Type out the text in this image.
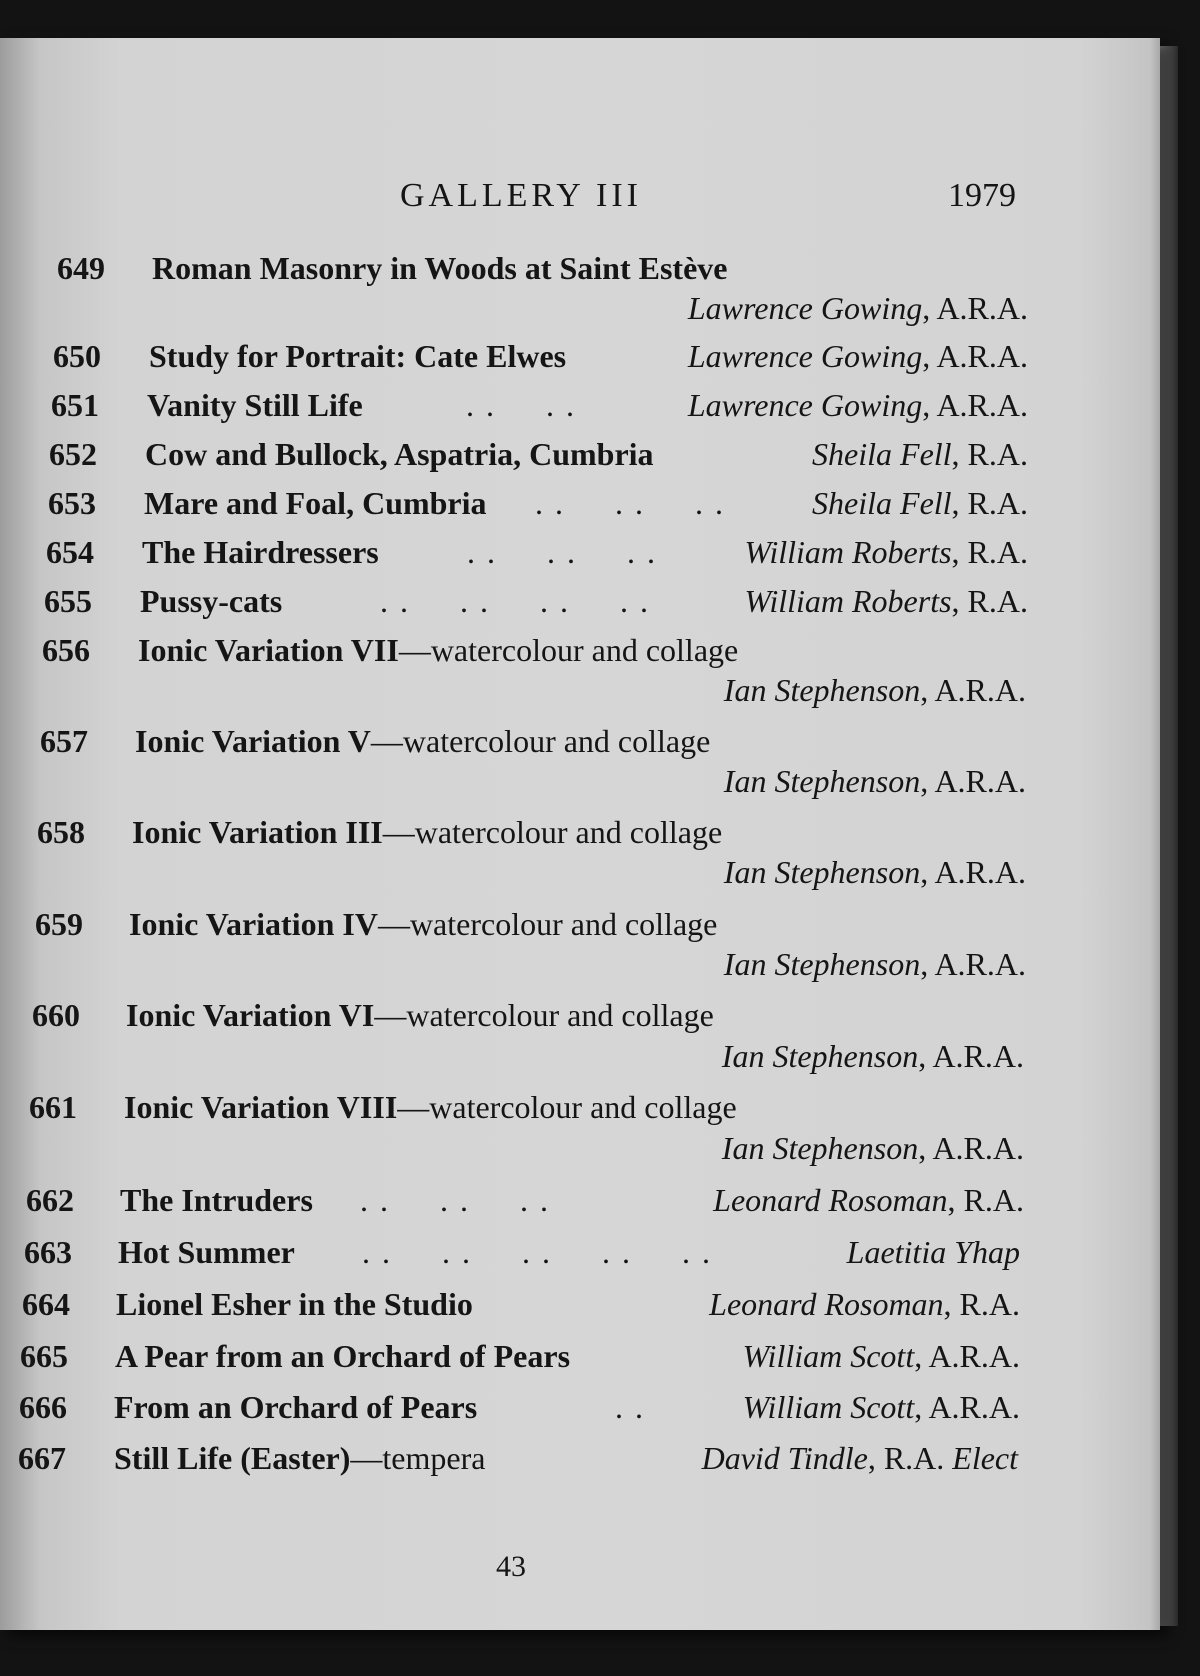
GALLERY III	1979
649 Roman Masonry in Woods at Saint Estève
Lawrence Gowing, A.R.A.
650 Study for Portrait: Cate Elwes	Lawrence Gowing, A.R.A.
651 Vanity Still Life	. .     . .	Lawrence Gowing, A.R.A.
652 Cow and Bullock, Aspatria, Cumbria	Sheila Fell, R.A.
653 Mare and Foal, Cumbria . .     . .     . .	Sheila Fell, R.A.
654 The Hairdressers	. .     . .     . .	William Roberts, R.A.
655 Pussy-cats	. .     . .     . .     . .	William Roberts, R.A.
656 Ionic Variation VII—watercolour and collage
Ian Stephenson, A.R.A.
657 Ionic Variation V—watercolour and collage
Ian Stephenson, A.R.A.
658 Ionic Variation III—watercolour and collage
Ian Stephenson, A.R.A.
659 Ionic Variation IV—watercolour and collage
Ian Stephenson, A.R.A.
660 Ionic Variation VI—watercolour and collage
Ian Stephenson, A.R.A.
661 Ionic Variation VIII—watercolour and collage
Ian Stephenson, A.R.A.
662 The Intruders . .     . .     . .	Leonard Rosoman, R.A.
663 Hot Summer . .     . .     . .     . .     . .	Laetitia Yhap
664 Lionel Esher in the Studio	Leonard Rosoman, R.A.
665 A Pear from an Orchard of Pears	William Scott, A.R.A.
666 From an Orchard of Pears	. .	William Scott, A.R.A.
667 Still Life (Easter)—tempera	David Tindle, R.A. Elect
43
